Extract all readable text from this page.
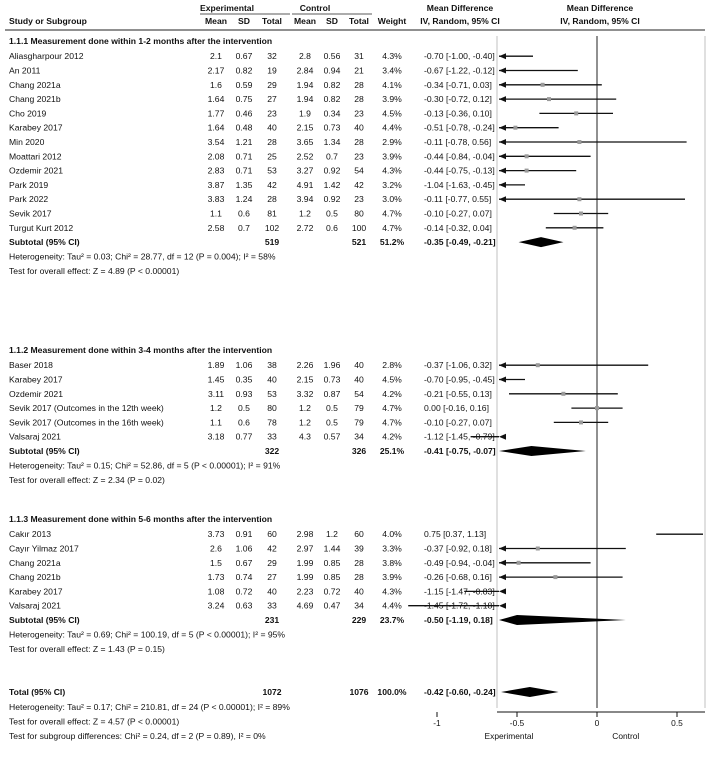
Experimental	Control	Mean Difference	Mean Difference
Study or Subgroup	Mean SD Total Mean SD Total Weight IV, Random, 95% CI	IV, Random, 95% CI
1.1.1 Measurement done within 1-2 months after the intervention
Aliasgharpour 2012	2.1 0.67 32	2.8 0.56 31 4.3%	-0.70 [-1.00, -0.40]
An 2011	2.17 0.82 19 2.84 0.94 21 3.4%	-0.67 [-1.22, -0.12]
Chang 2021a	1.6 0.59 29 1.94 0.82 28 4.1%	-0.34 [-0.71, 0.03]
Chang 2021b	1.64 0.75 27 1.94 0.82 28 3.9%	-0.30 [-0.72, 0.12]
Cho 2019	1.77 0.46 23	1.9 0.34 23 4.5%	-0.13 [-0.36, 0.10]
Karabey 2017	1.64 0.48 40 2.15 0.73 40 4.4%	-0.51 [-0.78, -0.24]
Min 2020	3.54 1.21 28 3.65 1.34 28 2.9%	-0.11 [-0.78, 0.56]
Moattari 2012	2.08 0.71 25 2.52 0.7 23 3.9%	-0.44 [-0.84, -0.04]
Ozdemir 2021	2.83 0.71 53 3.27 0.92 54 4.3%	-0.44 [-0.75, -0.13]
Park 2019	3.87 1.35 42 4.91 1.42 42 3.2%	-1.04 [-1.63, -0.45]
Park 2022	3.83 1.24 28 3.94 0.92 23 3.0%	-0.11 [-0.77, 0.55]
Sevik 2017	1.1 0.6 81	1.2 0.5 80 4.7%	-0.10 [-0.27, 0.07]
Turgut Kurt 2012	2.58 0.7 102 2.72 0.6 100 4.7%	-0.14 [-0.32, 0.04]
Subtotal (95% CI)	519	521 51.2% -0.35 [-0.49, -0.21]
Heterogeneity: Tau² = 0.03; Chi² = 28.77, df = 12 (P = 0.004); I² = 58%
Test for overall effect: Z = 4.89 (P < 0.00001)
1.1.2 Measurement done within 3-4 months after the intervention
Baser 2018	1.89 1.06 38 2.26 1.96 40 2.8%	-0.37 [-1.06, 0.32]
Karabey 2017	1.45 0.35 40 2.15 0.73 40 4.5%	-0.70 [-0.95, -0.45]
Ozdemir 2021	3.11 0.93 53 3.32 0.87 54 4.2%	-0.21 [-0.55, 0.13]
Sevik 2017 (Outcomes in the 12th week)	1.2 0.5 80	1.2 0.5 79 4.7%	0.00 [-0.16, 0.16]
Sevik 2017 (Outcomes in the 16th week)	1.1 0.6 78	1.2 0.5 79 4.7%	-0.10 [-0.27, 0.07]
Valsaraj 2021	3.18 0.77 33	4.3 0.57 34 4.2%	-1.12 [-1.45, -0.79]
Subtotal (95% CI)	322	326 25.1% -0.41 [-0.75, -0.07]
Heterogeneity: Tau² = 0.15; Chi² = 52.86, df = 5 (P < 0.00001); I² = 91%
Test for overall effect: Z = 2.34 (P = 0.02)
1.1.3 Measurement done within 5-6 months after the intervention
Cakır 2013	3.73 0.91 60 2.98 1.2 60 4.0%	0.75 [0.37, 1.13]
Cayır Yilmaz 2017	2.6 1.06 42 2.97 1.44 39 3.3%	-0.37 [-0.92, 0.18]
Chang 2021a	1.5 0.67 29 1.99 0.85 28 3.8%	-0.49 [-0.94, -0.04]
Chang 2021b	1.73 0.74 27 1.99 0.85 28 3.9%	-0.26 [-0.68, 0.16]
Karabey 2017	1.08 0.72 40 2.23 0.72 40 4.3%	-1.15 [-1.47, -0.83]
Valsaraj 2021	3.24 0.63 33 4.69 0.47 34 4.4%	-1.45 [-1.72, -1.18]
Subtotal (95% CI)	231	229 23.7% -0.50 [-1.19, 0.18]
Heterogeneity: Tau² = 0.69; Chi² = 100.19, df = 5 (P < 0.00001); I² = 95%
Test for overall effect: Z = 1.43 (P = 0.15)
Total (95% CI)	1072	1076 100.0% -0.42 [-0.60, -0.24]
Heterogeneity: Tau² = 0.17; Chi² = 210.81, df = 24 (P < 0.00001); I² = 89%
Test for overall effect: Z = 4.57 (P < 0.00001)
Test for subgroup differences: Chi² = 0.24, df = 2 (P = 0.89), I² = 0%
-1	-0.5	0	0.5
Experimental	Control
